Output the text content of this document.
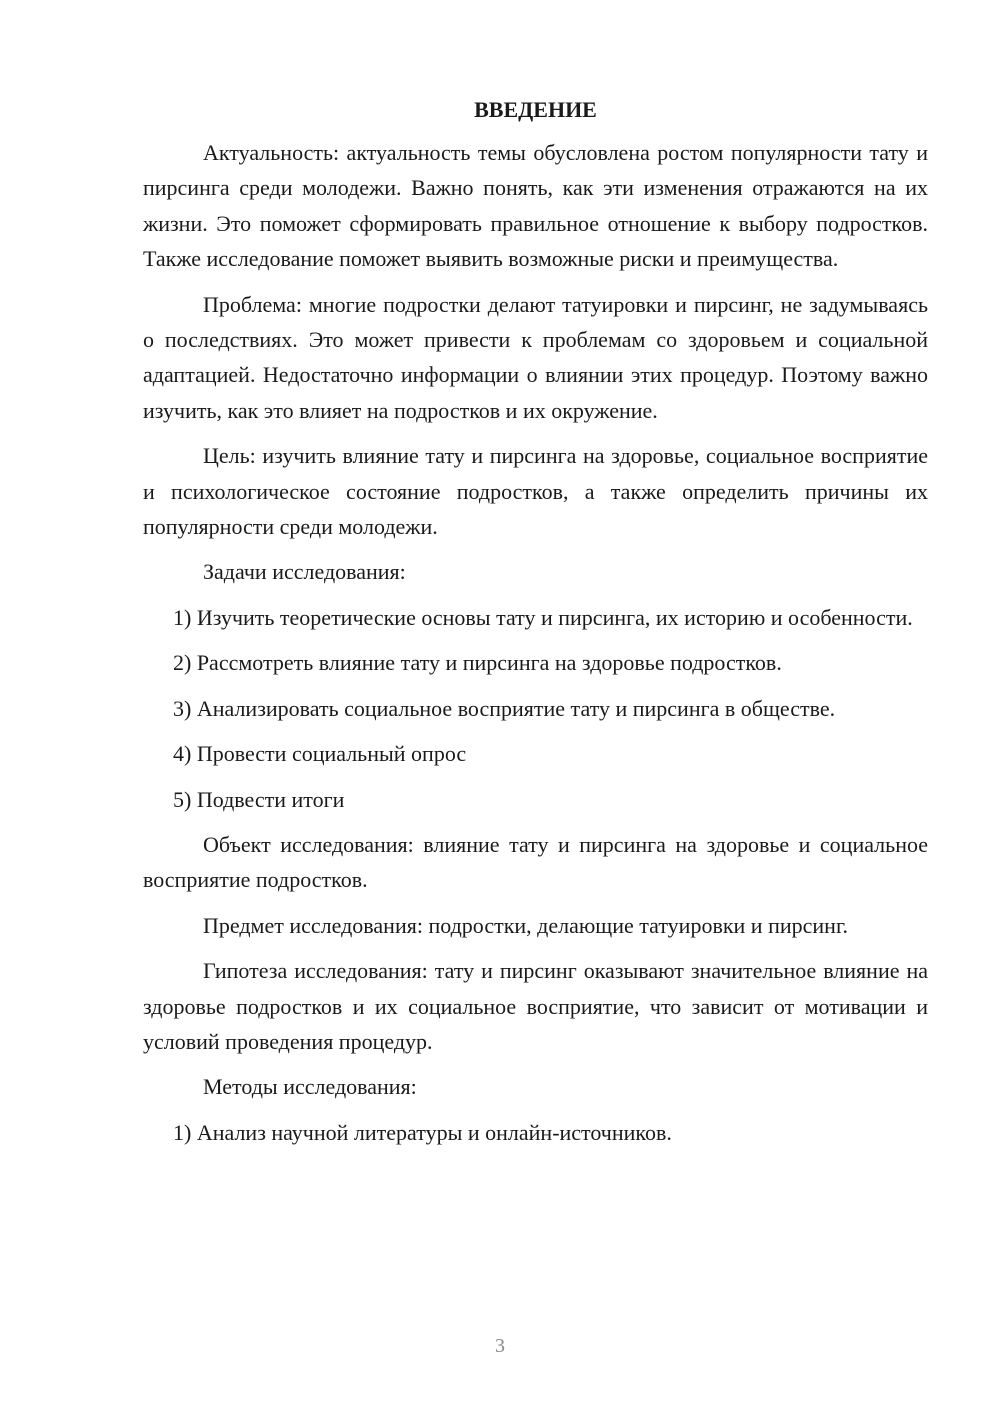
ВВЕДЕНИЕ

Актуальность: актуальность темы обусловлена ростом популярности тату и пирсинга среди молодежи. Важно понять, как эти изменения отражаются на их жизни. Это поможет сформировать правильное отношение к выбору подростков. Также исследование поможет выявить возможные риски и преимущества.

Проблема: многие подростки делают татуировки и пирсинг, не задумываясь о последствиях. Это может привести к проблемам со здоровьем и социальной адаптацией. Недостаточно информации о влиянии этих процедур. Поэтому важно изучить, как это влияет на подростков и их окружение.

Цель: изучить влияние тату и пирсинга на здоровье, социальное восприятие и психологическое состояние подростков, а также определить причины их популярности среди молодежи.

Задачи исследования:

1) Изучить теоретические основы тату и пирсинга, их историю и особенности.

2) Рассмотреть влияние тату и пирсинга на здоровье подростков.

3) Анализировать социальное восприятие тату и пирсинга в обществе.

4) Провести социальный опрос

5) Подвести итоги

Объект исследования: влияние тату и пирсинга на здоровье и социальное восприятие подростков.

Предмет исследования: подростки, делающие татуировки и пирсинг.

Гипотеза исследования: тату и пирсинг оказывают значительное влияние на здоровье подростков и их социальное восприятие, что зависит от мотивации и условий проведения процедур.

Методы исследования:

1) Анализ научной литературы и онлайн-источников.

3
